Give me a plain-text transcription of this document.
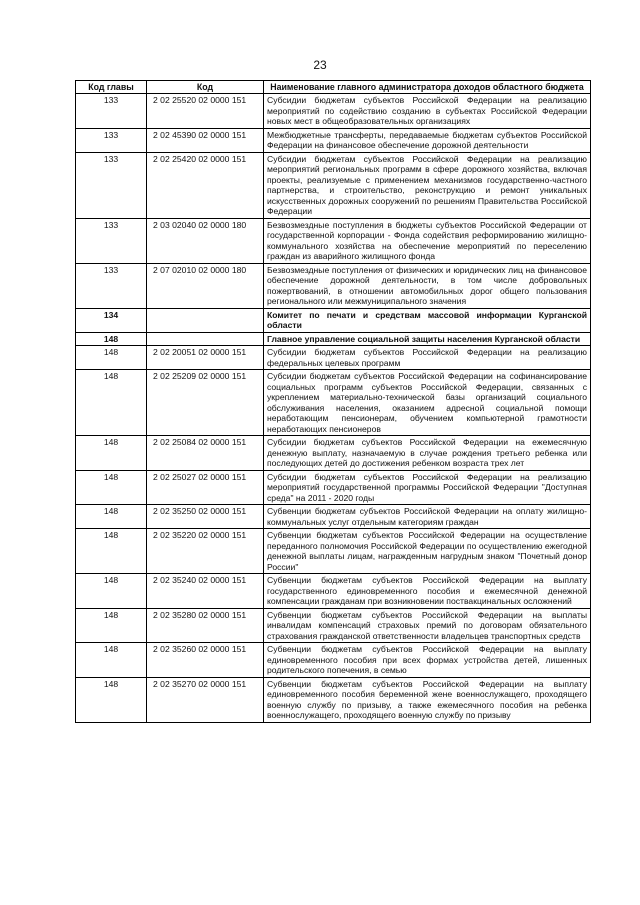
23
Код главы	Код	Наименование главного администратора доходов областного бюджета
133	2 02 25520 02 0000 151	Субсидии бюджетам субъектов Российской Федерации на реализацию мероприятий по содействию созданию в субъектах Российской Федерации новых мест в общеобразовательных организациях
133	2 02 45390 02 0000 151	Межбюджетные трансферты, передаваемые бюджетам субъектов Российской Федерации на финансовое обеспечение дорожной деятельности
133	2 02 25420 02 0000 151	Субсидии бюджетам субъектов Российской Федерации на реализацию мероприятий региональных программ в сфере дорожного хозяйства, включая проекты, реализуемые с применением механизмов государственно-частного партнерства, и строительство, реконструкцию и ремонт уникальных искусственных дорожных сооружений по решениям Правительства Российской Федерации
133	2 03 02040 02 0000 180	Безвозмездные поступления в бюджеты субъектов Российской Федерации от государственной корпорации - Фонда содействия реформированию жилищно-коммунального хозяйства на обеспечение мероприятий по переселению граждан из аварийного жилищного фонда
133	2 07 02010 02 0000 180	Безвозмездные поступления от физических и юридических лиц на финансовое обеспечение дорожной деятельности, в том числе добровольных пожертвований, в отношении автомобильных дорог общего пользования регионального или межмуниципального значения
134		Комитет по печати и средствам массовой информации Курганской области
148		Главное управление социальной защиты населения Курганской области
148	2 02 20051 02 0000 151	Субсидии бюджетам субъектов Российской Федерации на реализацию федеральных целевых программ
148	2 02 25209 02 0000 151	Субсидии бюджетам субъектов Российской Федерации на софинансирование социальных программ субъектов Российской Федерации, связанных с укреплением материально-технической базы организаций социального обслуживания населения, оказанием адресной социальной помощи неработающим пенсионерам, обучением компьютерной грамотности неработающих пенсионеров
148	2 02 25084 02 0000 151	Субсидии бюджетам субъектов Российской Федерации на ежемесячную денежную выплату, назначаемую в случае рождения третьего ребенка или последующих детей до достижения ребенком возраста трех лет
148	2 02 25027 02 0000 151	Субсидии бюджетам субъектов Российской Федерации на реализацию мероприятий государственной программы Российской Федерации "Доступная среда" на 2011 - 2020 годы
148	2 02 35250 02 0000 151	Субвенции бюджетам субъектов Российской Федерации на оплату жилищно-коммунальных услуг отдельным категориям граждан
148	2 02 35220 02 0000 151	Субвенции бюджетам субъектов Российской Федерации на осуществление переданного полномочия Российской Федерации по осуществлению ежегодной денежной выплаты лицам, награжденным нагрудным знаком "Почетный донор России"
148	2 02 35240 02 0000 151	Субвенции бюджетам субъектов Российской Федерации на выплату государственного единовременного пособия и ежемесячной денежной компенсации гражданам при возникновении поствакцинальных осложнений
148	2 02 35280 02 0000 151	Субвенции бюджетам субъектов Российской Федерации на выплаты инвалидам компенсаций страховых премий по договорам обязательного страхования гражданской ответственности владельцев транспортных средств
148	2 02 35260 02 0000 151	Субвенции бюджетам субъектов Российской Федерации на выплату единовременного пособия при всех формах устройства детей, лишенных родительского попечения, в семью
148	2 02 35270 02 0000 151	Субвенции бюджетам субъектов Российской Федерации на выплату единовременного пособия беременной жене военнослужащего, проходящего военную службу по призыву, а также ежемесячного пособия на ребенка военнослужащего, проходящего военную службу по призыву
